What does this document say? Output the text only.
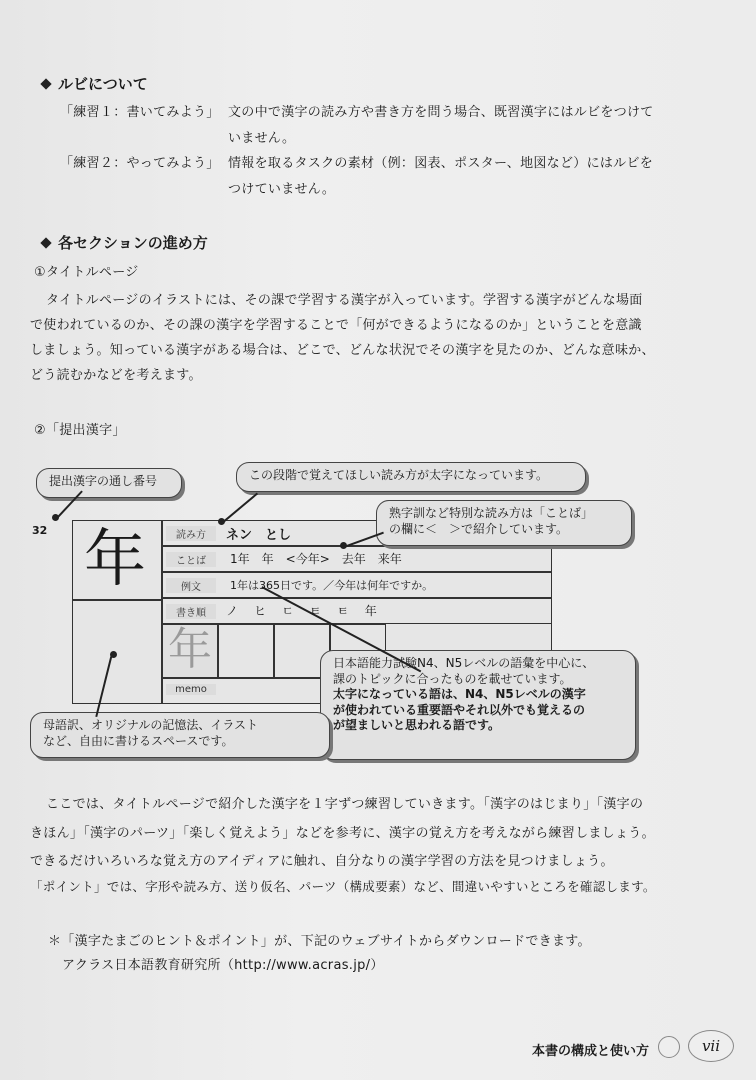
ルビについて
「練習１：書いてみよう」 文の中で漢字の読み方や書き方を問う場合、既習漢字にはルビをつけて
いません。
「練習２：やってみよう」 情報を取るタスクの素材（例：図表、ポスター、地図など）にはルビを
つけていません。
各セクションの進め方
①タイトルページ
タイトルページのイラストには、その課で学習する漢字が入っています。学習する漢字がどんな場面
で使われているのか、その課の漢字を学習することで「何ができるようになるのか」ということを意識
しましょう。知っている漢字がある場合は、どこで、どんな状況でその漢字を見たのか、どんな意味か、
どう読むかなどを考えます。
②「提出漢字」
32 年	読み方	ネン　とし
ことば	1年　年　<今年>　去年　来年
例文	1年は365日です。／今年は何年ですか。
書き順	ノ　ヒ　ㄷ　ㅌ　ㅌ　年
年
memo
提出漢字の通し番号	この段階で覚えてほしい読み方が太字になっています。
熟字訓など特別な読み方は「ことば」
の欄に＜　＞で紹介しています。
日本語能力試験N4、N5レベルの語彙を中心に、
課のトピックに合ったものを載せています。
太字になっている語は、N4、N5レベルの漢字
が使われている重要語やそれ以外でも覚えるの
が望ましいと思われる語です。
母語訳、オリジナルの記憶法、イラスト
など、自由に書けるスペースです。
ここでは、タイトルページで紹介した漢字を１字ずつ練習していきます。「漢字のはじまり」「漢字の
きほん」「漢字のパーツ」「楽しく覚えよう」などを参考に、漢字の覚え方を考えながら練習しましょう。
できるだけいろいろな覚え方のアイディアに触れ、自分なりの漢字学習の方法を見つけましょう。
「ポイント」では、字形や読み方、送り仮名、パーツ（構成要素）など、間違いやすいところを確認します。
＊「漢字たまごのヒント＆ポイント」が、下記のウェブサイトからダウンロードできます。
アクラス日本語教育研究所（http://www.acras.jp/）
本書の構成と使い方	vii
